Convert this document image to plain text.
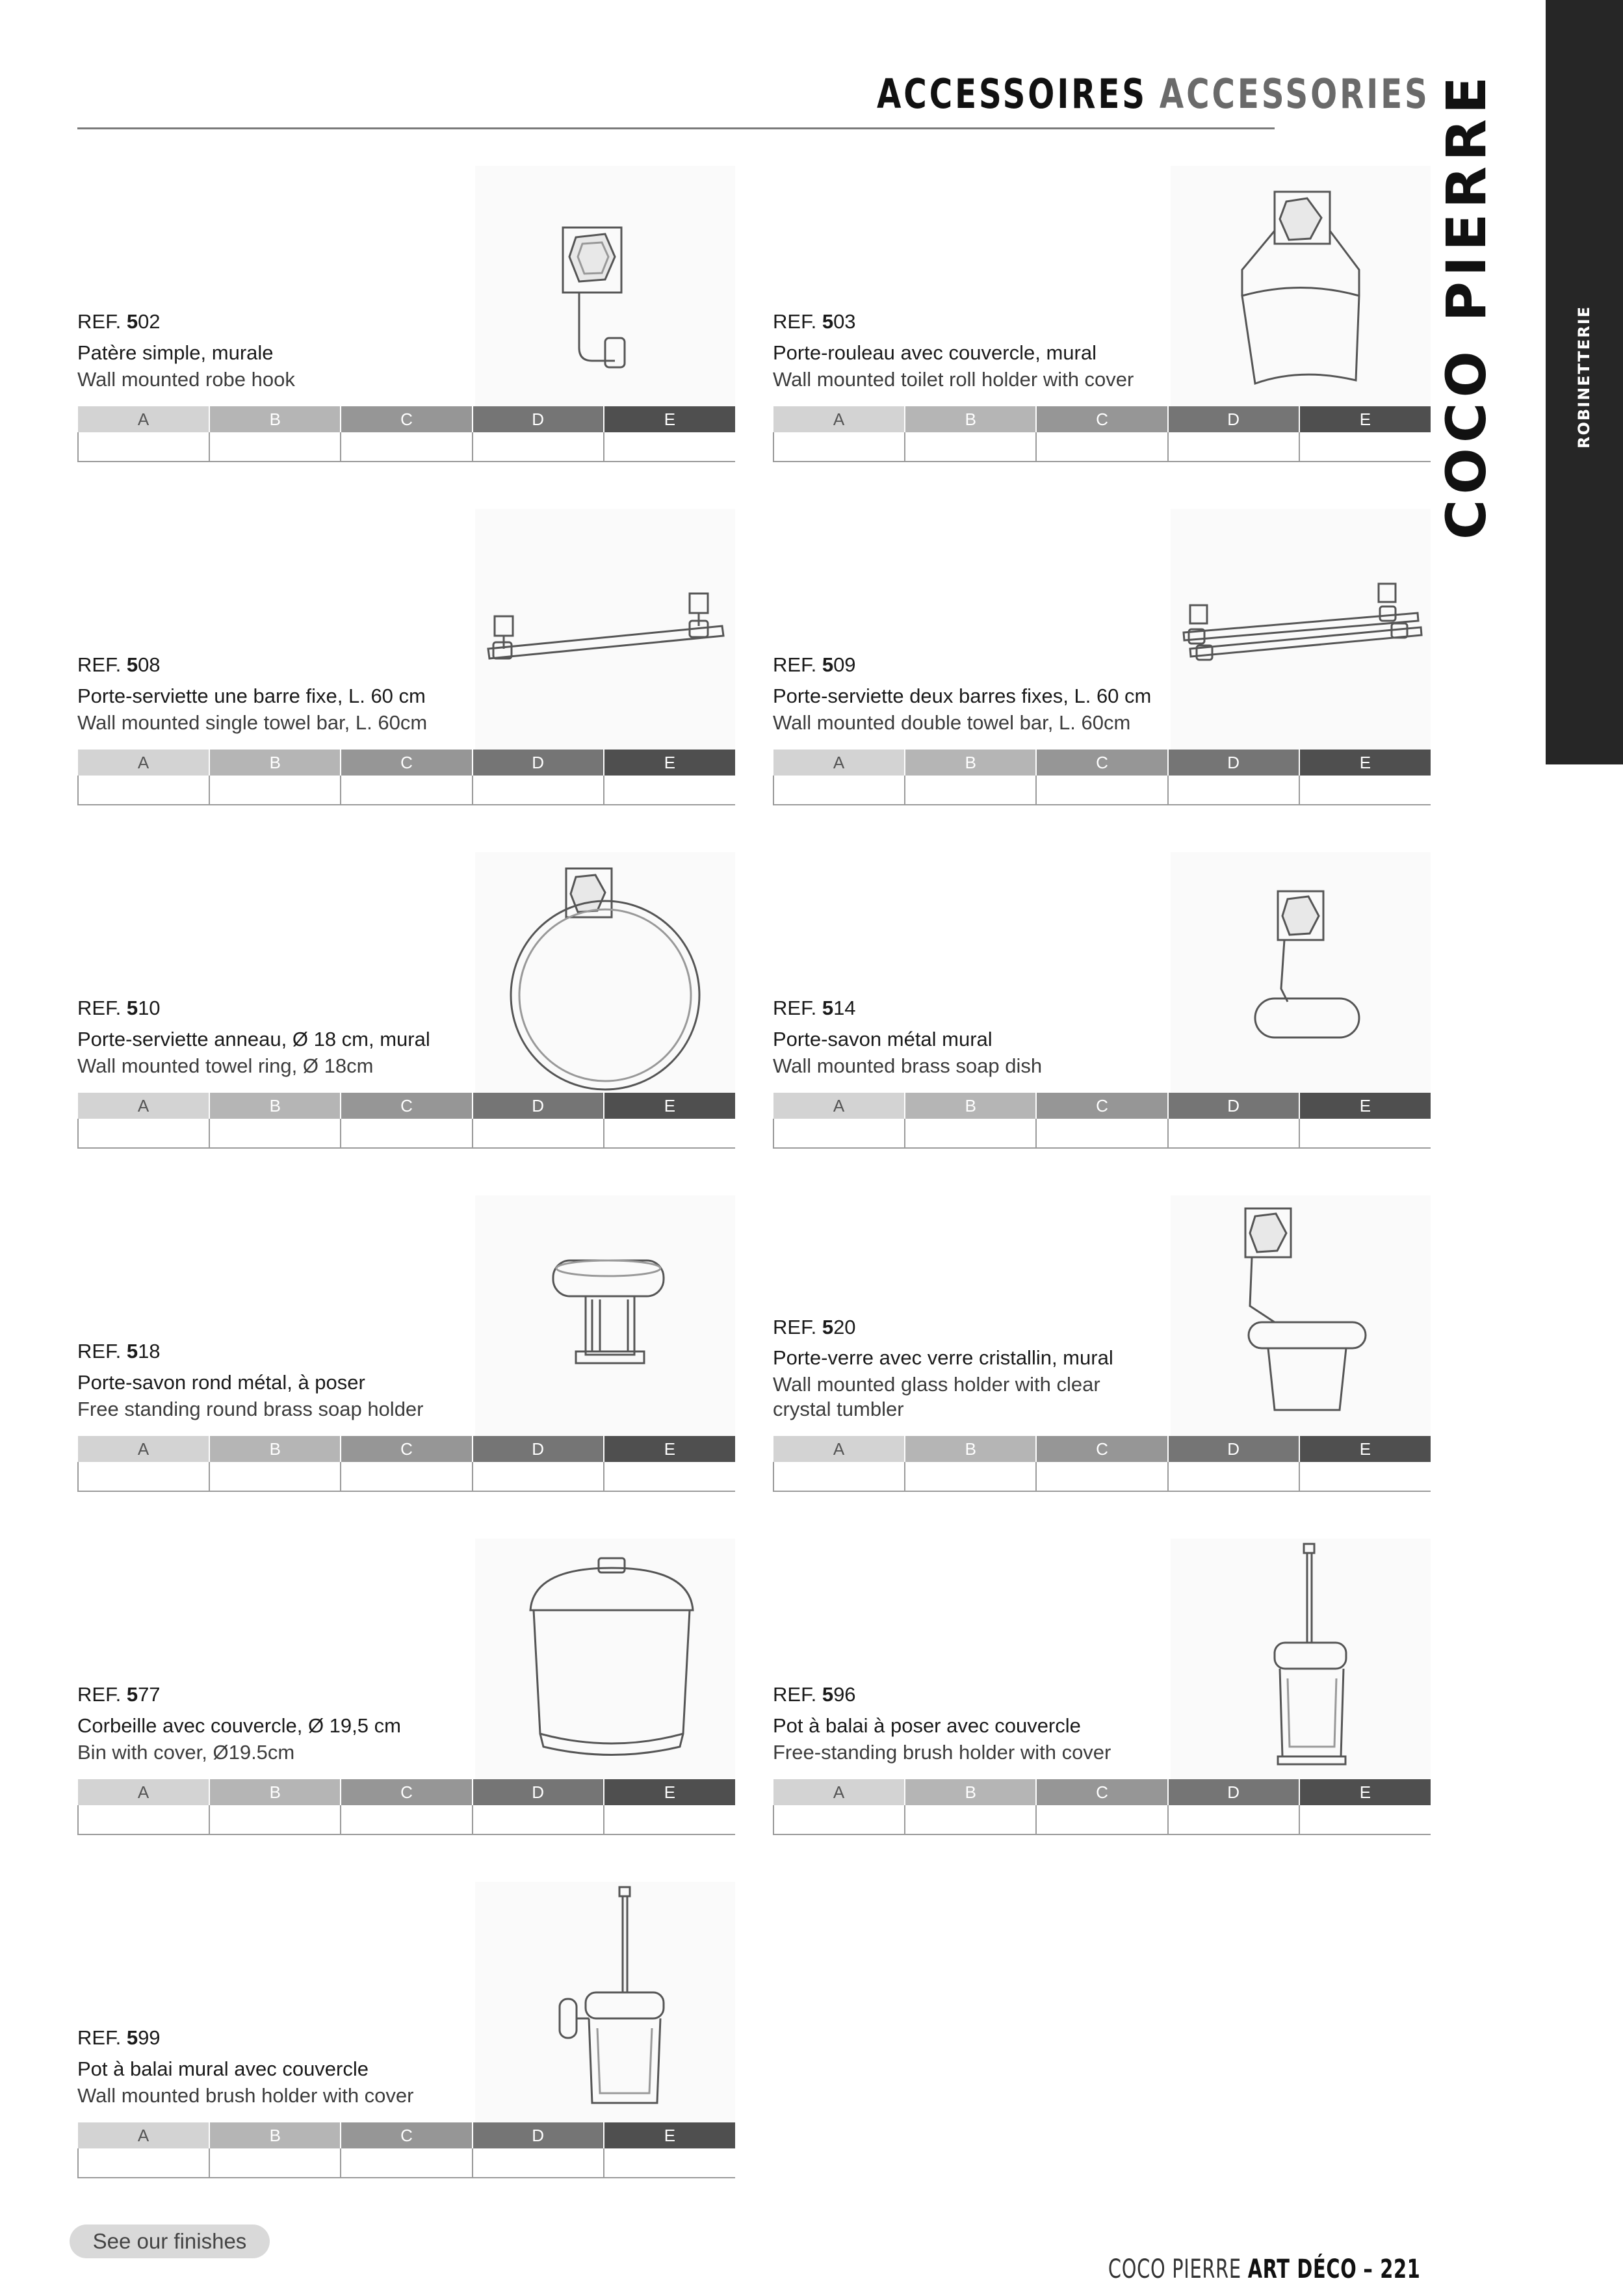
ACCESSOIRES ACCESSORIES
ROBINETTERIE
COCO PIERRE
REF. 502
Patère simple, murale
Wall mounted robe hook
A	B	C	D	E

REF. 503
Porte-rouleau avec couvercle, mural
Wall mounted toilet roll holder with cover
A	B	C	D	E

REF. 508
Porte-serviette une barre fixe, L. 60 cm
Wall mounted single towel bar, L. 60cm
A	B	C	D	E

REF. 509
Porte-serviette deux barres fixes, L. 60 cm
Wall mounted double towel bar, L. 60cm
A	B	C	D	E

REF. 510
Porte-serviette anneau, Ø 18 cm, mural
Wall mounted towel ring, Ø 18cm
A	B	C	D	E

REF. 514
Porte-savon métal mural
Wall mounted brass soap dish
A	B	C	D	E

REF. 518
Porte-savon rond métal, à poser
Free standing round brass soap holder
A	B	C	D	E

REF. 520
Porte-verre avec verre cristallin, mural
Wall mounted glass holder with clear
crystal tumbler
A	B	C	D	E

REF. 577
Corbeille avec couvercle, Ø 19,5 cm
Bin with cover, Ø19.5cm
A	B	C	D	E

REF. 596
Pot à balai à poser avec couvercle
Free-standing brush holder with cover
A	B	C	D	E

REF. 599
Pot à balai mural avec couvercle
Wall mounted brush holder with cover
A	B	C	D	E

See our finishes
COCO PIERRE ART DÉCO – 221
